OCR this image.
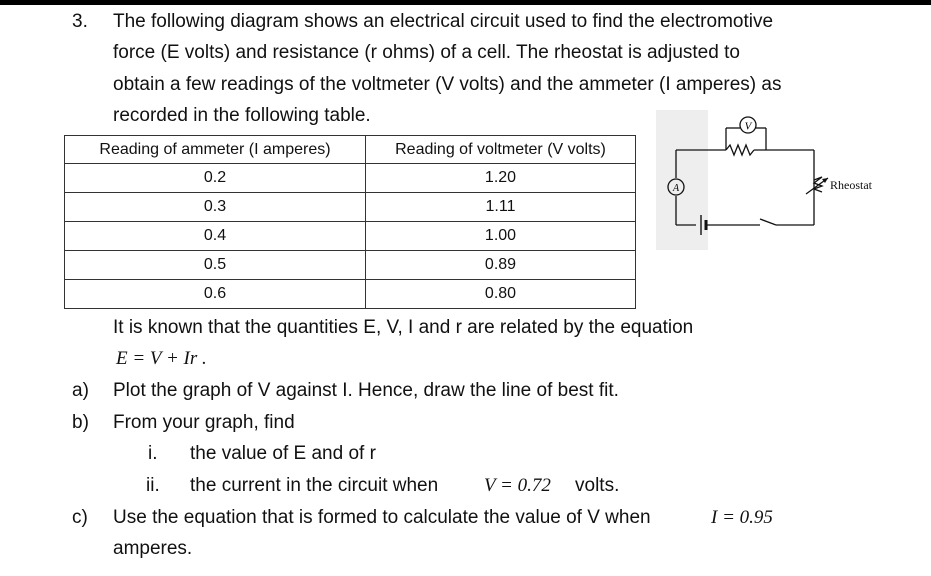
3. The following diagram shows an electrical circuit used to find the electromotive
force (E volts) and resistance (r ohms) of a cell. The rheostat is adjusted to
obtain a few readings of the voltmeter (V volts) and the ammeter (I amperes) as
recorded in the following table.
Reading of ammeter (I amperes)	Reading of voltmeter (V volts)
0.2	1.20
0.3	1.11
0.4	1.00
0.5	0.89
0.6	0.80
V
A	Rheostat
It is known that the quantities E, V, I and r are related by the equation
E = V + Ir .
a) Plot the graph of V against I. Hence, draw the line of best fit.
b) From your graph, find
i. the value of E and of r
ii. the current in the circuit when V = 0.72 volts.
c) Use the equation that is formed to calculate the value of V when	I = 0.95
amperes.
